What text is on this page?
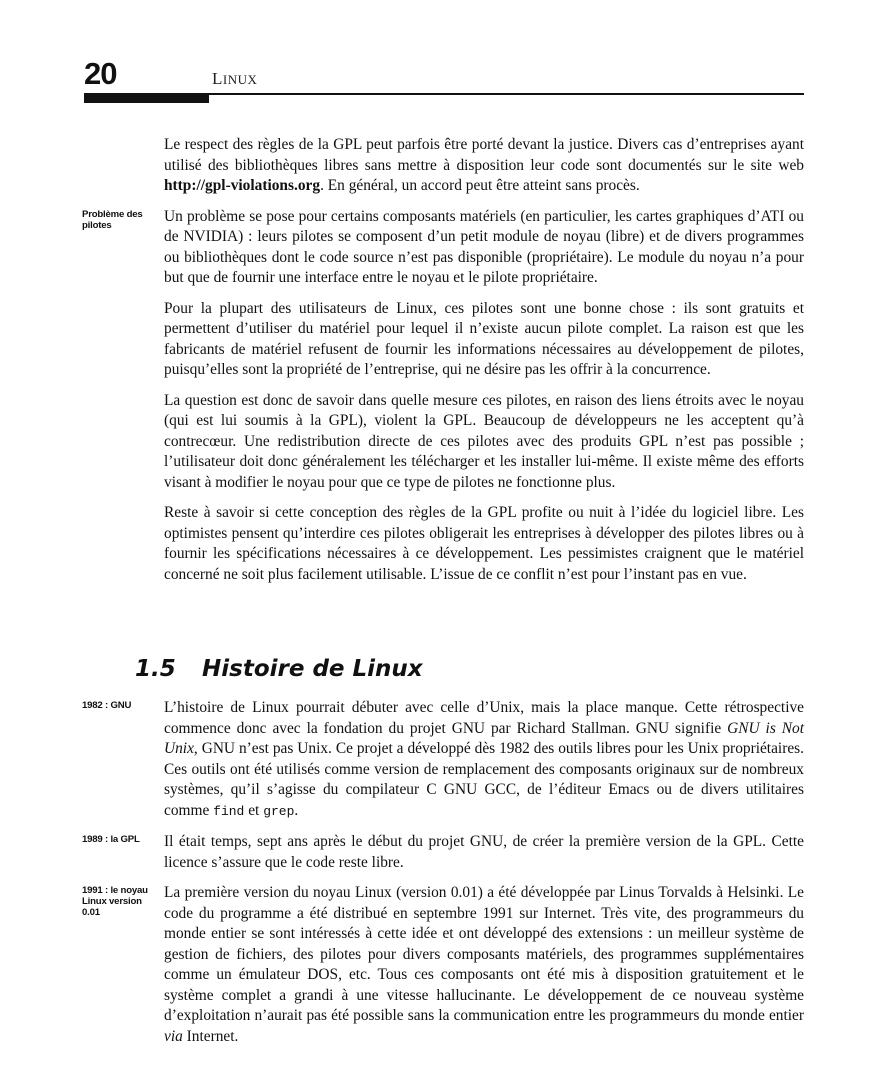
20	LINUX

Le respect des règles de la GPL peut parfois être porté devant la justice. Divers cas d’entreprises ayant utilisé des bibliothèques libres sans mettre à disposition leur code sont documentés sur le site web http://gpl-violations.org. En général, un accord peut être atteint sans procès.

Problème des pilotes

Un problème se pose pour certains composants matériels (en particulier, les cartes graphiques d’ATI ou de NVIDIA) : leurs pilotes se composent d’un petit module de noyau (libre) et de divers programmes ou bibliothèques dont le code source n’est pas disponible (propriétaire). Le module du noyau n’a pour but que de fournir une interface entre le noyau et le pilote propriétaire.

Pour la plupart des utilisateurs de Linux, ces pilotes sont une bonne chose : ils sont gratuits et permettent d’utiliser du matériel pour lequel il n’existe aucun pilote complet. La raison est que les fabricants de matériel refusent de fournir les informations nécessaires au développement de pilotes, puisqu’elles sont la propriété de l’entreprise, qui ne désire pas les offrir à la concurrence.

La question est donc de savoir dans quelle mesure ces pilotes, en raison des liens étroits avec le noyau (qui est lui soumis à la GPL), violent la GPL. Beaucoup de développeurs ne les acceptent qu’à contrecœur. Une redistribution directe de ces pilotes avec des produits GPL n’est pas possible ; l’utilisateur doit donc généralement les télécharger et les installer lui-même. Il existe même des efforts visant à modifier le noyau pour que ce type de pilotes ne fonctionne plus.

Reste à savoir si cette conception des règles de la GPL profite ou nuit à l’idée du logiciel libre. Les optimistes pensent qu’interdire ces pilotes obligerait les entreprises à développer des pilotes libres ou à fournir les spécifications nécessaires à ce développement. Les pessimistes craignent que le matériel concerné ne soit plus facilement utilisable. L’issue de ce conflit n’est pour l’instant pas en vue.

1.5 Histoire de Linux
1982 : GNU	L’histoire de Linux pourrait débuter avec celle d’Unix, mais la place manque. Cette rétrospective commence donc avec la fondation du projet GNU par Richard Stallman. GNU signifie GNU is Not Unix, GNU n’est pas Unix. Ce projet a développé dès 1982 des outils libres pour les Unix propriétaires. Ces outils ont été utilisés comme version de remplacement des composants originaux sur de nombreux systèmes, qu’il s’agisse du compilateur C GNU GCC, de l’éditeur Emacs ou de divers utilitaires comme find et grep.

1989 : la GPL	Il était temps, sept ans après le début du projet GNU, de créer la première version de la GPL. Cette licence s’assure que le code reste libre.

1991 : le noyau Linux version 0.01

La première version du noyau Linux (version 0.01) a été développée par Linus Torvalds à Helsinki. Le code du programme a été distribué en septembre 1991 sur Internet. Très vite, des programmeurs du monde entier se sont intéressés à cette idée et ont développé des extensions : un meilleur système de gestion de fichiers, des pilotes pour divers composants matériels, des programmes supplémentaires comme un émulateur DOS, etc. Tous ces composants ont été mis à disposition gratuitement et le système complet a grandi à une vitesse hallucinante. Le développement de ce nouveau système d’exploitation n’aurait pas été possible sans la communication entre les programmeurs du monde entier via Internet.
